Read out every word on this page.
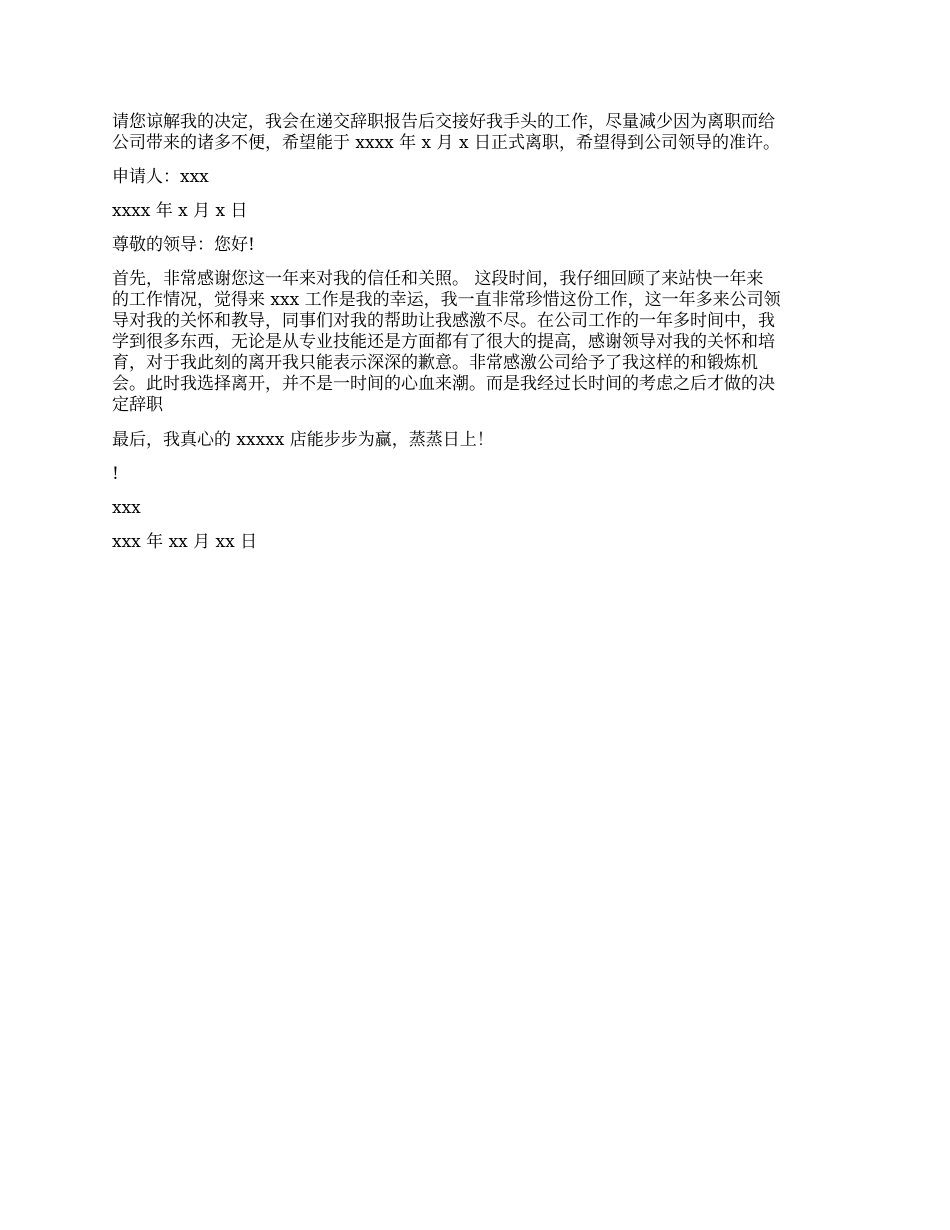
请您谅解我的决定，我会在递交辞职报告后交接好我手头的工作，尽量减少因为离职而给
公司带来的诸多不便，希望能于 xxxx 年 x 月 x 日正式离职，希望得到公司领导的准许。
申请人：xxx
xxxx 年 x 月 x 日
尊敬的领导：您好!
首先，非常感谢您这一年来对我的信任和关照。 这段时间，我仔细回顾了来站快一年来
的工作情况，觉得来 xxx 工作是我的幸运，我一直非常珍惜这份工作，这一年多来公司领
导对我的关怀和教导，同事们对我的帮助让我感激不尽。在公司工作的一年多时间中，我
学到很多东西，无论是从专业技能还是方面都有了很大的提高，感谢领导对我的关怀和培
育，对于我此刻的离开我只能表示深深的歉意。非常感激公司给予了我这样的和锻炼机
会。此时我选择离开，并不是一时间的心血来潮。而是我经过长时间的考虑之后才做的决
定辞职
最后，我真心的 xxxxx 店能步步为赢，蒸蒸日上！
!
xxx
xxx 年 xx 月 xx 日
